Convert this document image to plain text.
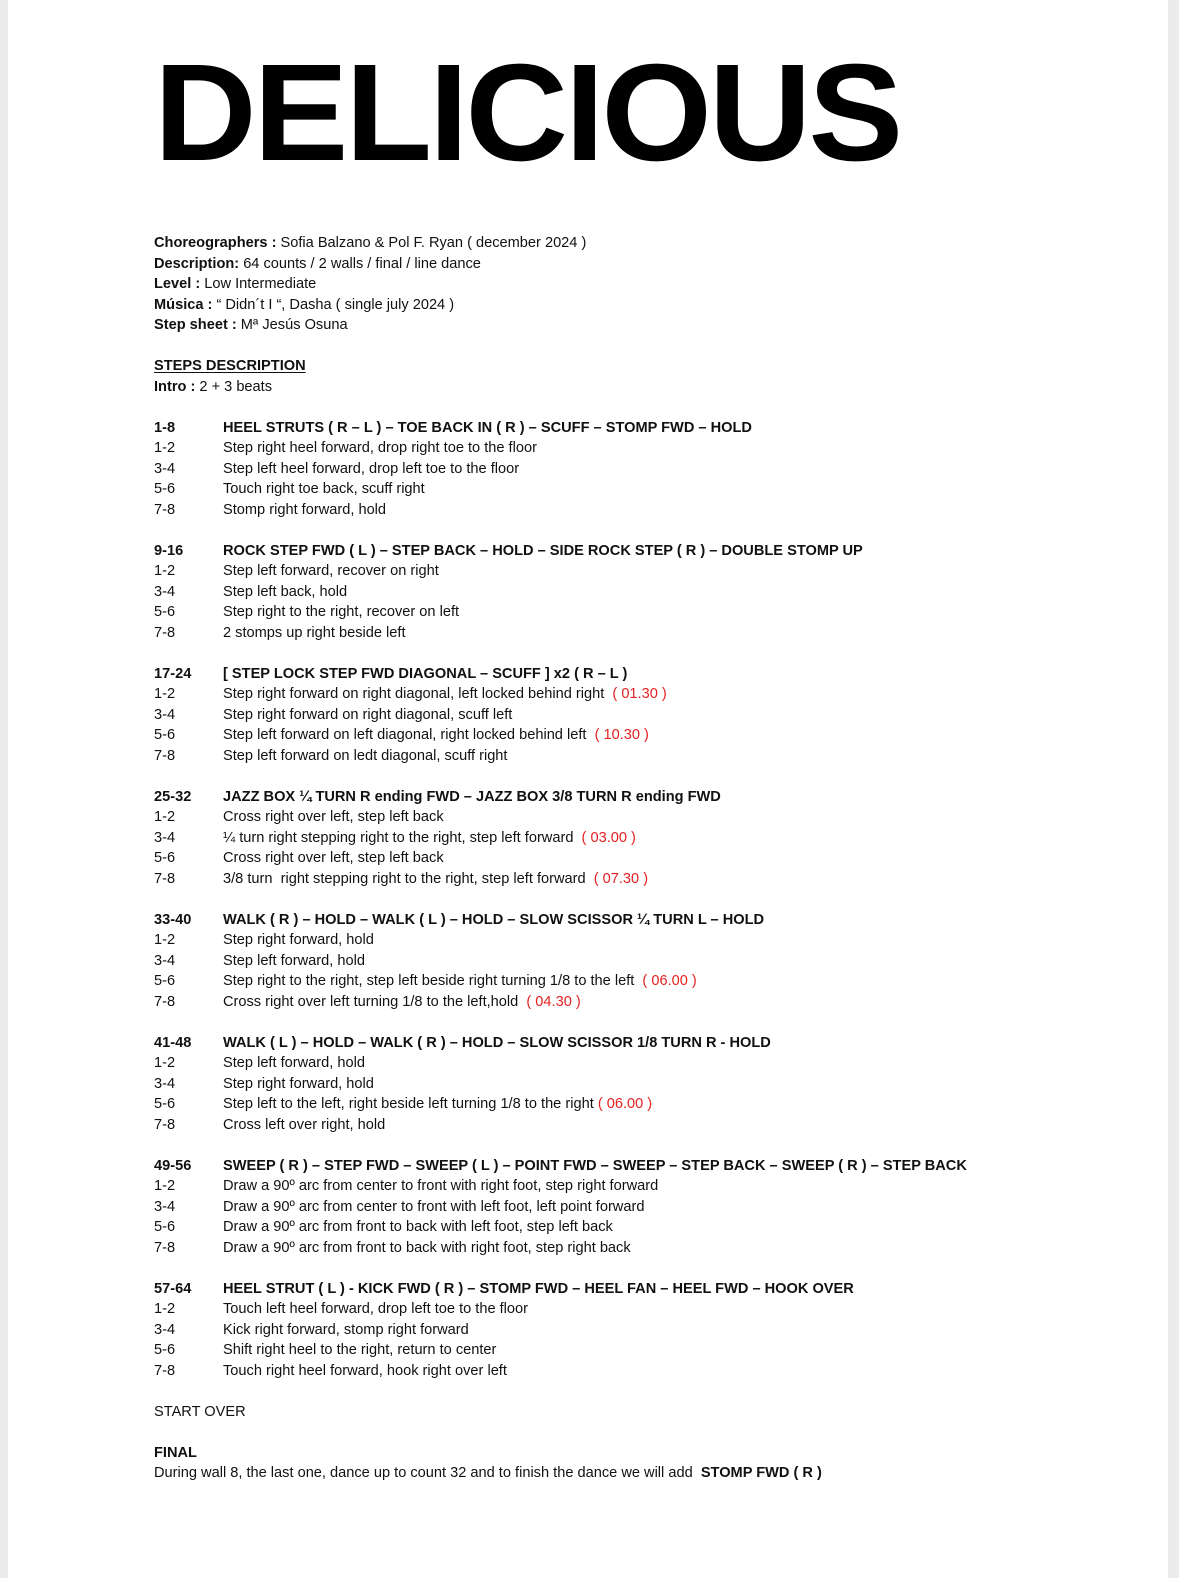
DELICIOUS
Choreographers : Sofia Balzano & Pol F. Ryan ( december 2024 )
Description: 64 counts / 2 walls / final / line dance
Level : Low Intermediate
Música : “ Didn´t I “, Dasha ( single july 2024 )
Step sheet : Mª Jesús Osuna
STEPS DESCRIPTION
Intro : 2 + 3 beats
1-8	HEEL STRUTS ( R – L ) – TOE BACK IN ( R ) – SCUFF – STOMP FWD – HOLD
1-2	Step right heel forward, drop right toe to the floor
3-4	Step left heel forward, drop left toe to the floor
5-6	Touch right toe back, scuff right
7-8	Stomp right forward, hold
9-16	ROCK STEP FWD ( L ) – STEP BACK – HOLD – SIDE ROCK STEP ( R ) – DOUBLE STOMP UP
1-2	Step left forward, recover on right
3-4	Step left back, hold
5-6	Step right to the right, recover on left
7-8	2 stomps up right beside left
17-24	[ STEP LOCK STEP FWD DIAGONAL – SCUFF ] x2 ( R – L )
1-2	Step right forward on right diagonal, left locked behind right  ( 01.30 )
3-4	Step right forward on right diagonal, scuff left
5-6	Step left forward on left diagonal, right locked behind left  ( 10.30 )
7-8	Step left forward on ledt diagonal, scuff right
25-32	JAZZ BOX ¼ TURN R ending FWD – JAZZ BOX 3/8 TURN R ending FWD
1-2	Cross right over left, step left back
3-4	¼ turn right stepping right to the right, step left forward  ( 03.00 )
5-6	Cross right over left, step left back
7-8	3/8 turn  right stepping right to the right, step left forward  ( 07.30 )
33-40	WALK ( R ) – HOLD – WALK ( L ) – HOLD – SLOW SCISSOR ¼ TURN L – HOLD
1-2	Step right forward, hold
3-4	Step left forward, hold
5-6	Step right to the right, step left beside right turning 1/8 to the left  ( 06.00 )
7-8	Cross right over left turning 1/8 to the left,hold  ( 04.30 )
41-48	WALK ( L ) – HOLD – WALK ( R ) – HOLD – SLOW SCISSOR 1/8 TURN R - HOLD
1-2	Step left forward, hold
3-4	Step right forward, hold
5-6	Step left to the left, right beside left turning 1/8 to the right ( 06.00 )
7-8	Cross left over right, hold
49-56	SWEEP ( R ) – STEP FWD – SWEEP ( L ) – POINT FWD – SWEEP – STEP BACK – SWEEP ( R ) – STEP BACK
1-2	Draw a 90º arc from center to front with right foot, step right forward
3-4	Draw a 90º arc from center to front with left foot, left point forward
5-6	Draw a 90º arc from front to back with left foot, step left back
7-8	Draw a 90º arc from front to back with right foot, step right back
57-64	HEEL STRUT ( L ) - KICK FWD ( R ) – STOMP FWD – HEEL FAN – HEEL FWD – HOOK OVER
1-2	Touch left heel forward, drop left toe to the floor
3-4	Kick right forward, stomp right forward
5-6	Shift right heel to the right, return to center
7-8	Touch right heel forward, hook right over left
START OVER
FINAL
During wall 8, the last one, dance up to count 32 and to finish the dance we will add  STOMP FWD ( R )
